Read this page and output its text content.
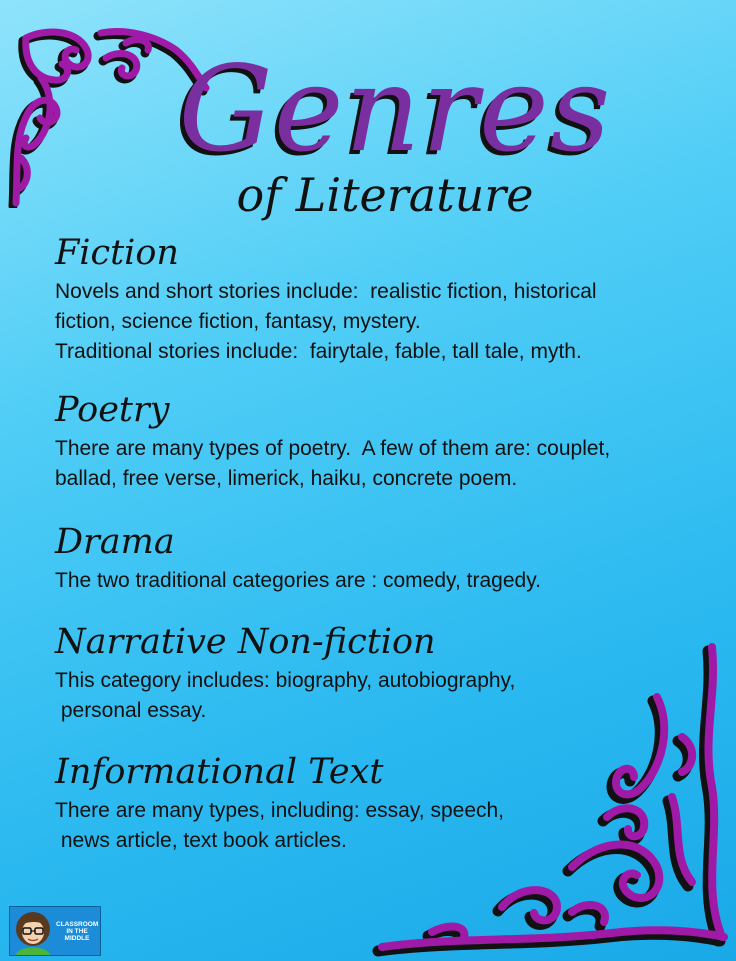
Genres
of Literature
Fiction
Novels and short stories include:  realistic fiction, historical
fiction, science fiction, fantasy, mystery.
Traditional stories include:  fairytale, fable, tall tale, myth.
Poetry
There are many types of poetry.  A few of them are: couplet,
ballad, free verse, limerick, haiku, concrete poem.
Drama
The two traditional categories are : comedy, tragedy.
Narrative Non-fiction
This category includes: biography, autobiography,
personal essay.
Informational Text
There are many types, including: essay, speech,
news article, text book articles.
CLASSROOM IN THE MIDDLE
